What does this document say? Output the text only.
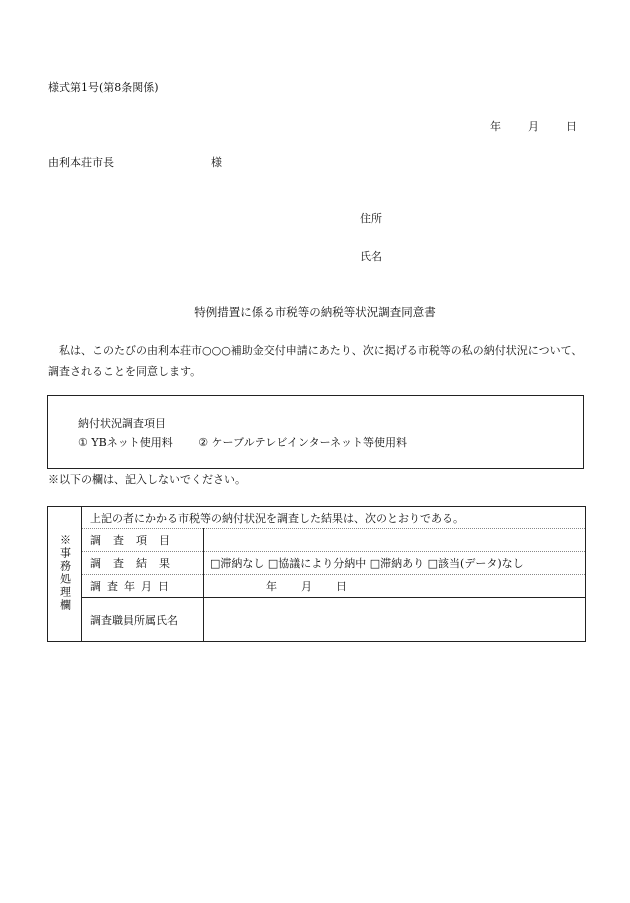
様式第1号(第8条関係)
年 月 日
由利本荘市長	様
住所
氏名
特例措置に係る市税等の納税等状況調査同意書
私は、このたびの由利本荘市○○○補助金交付申請にあたり、次に掲げる市税等の私の納付状況について、調査されることを同意します。
納付状況調査項目
① YBネット使用料 ② ケーブルテレビインターネット等使用料
※以下の欄は、記入しないでください。
※事務処理欄	上記の者にかかる市税等の納付状況を調査した結果は、次のとおりである。	
	調査項目	
	調査結果	□滞納なし □協議により分納中 □滞納あり □該当(データ)なし
	調査年月日	年 月 日
	調査職員所属氏名	
